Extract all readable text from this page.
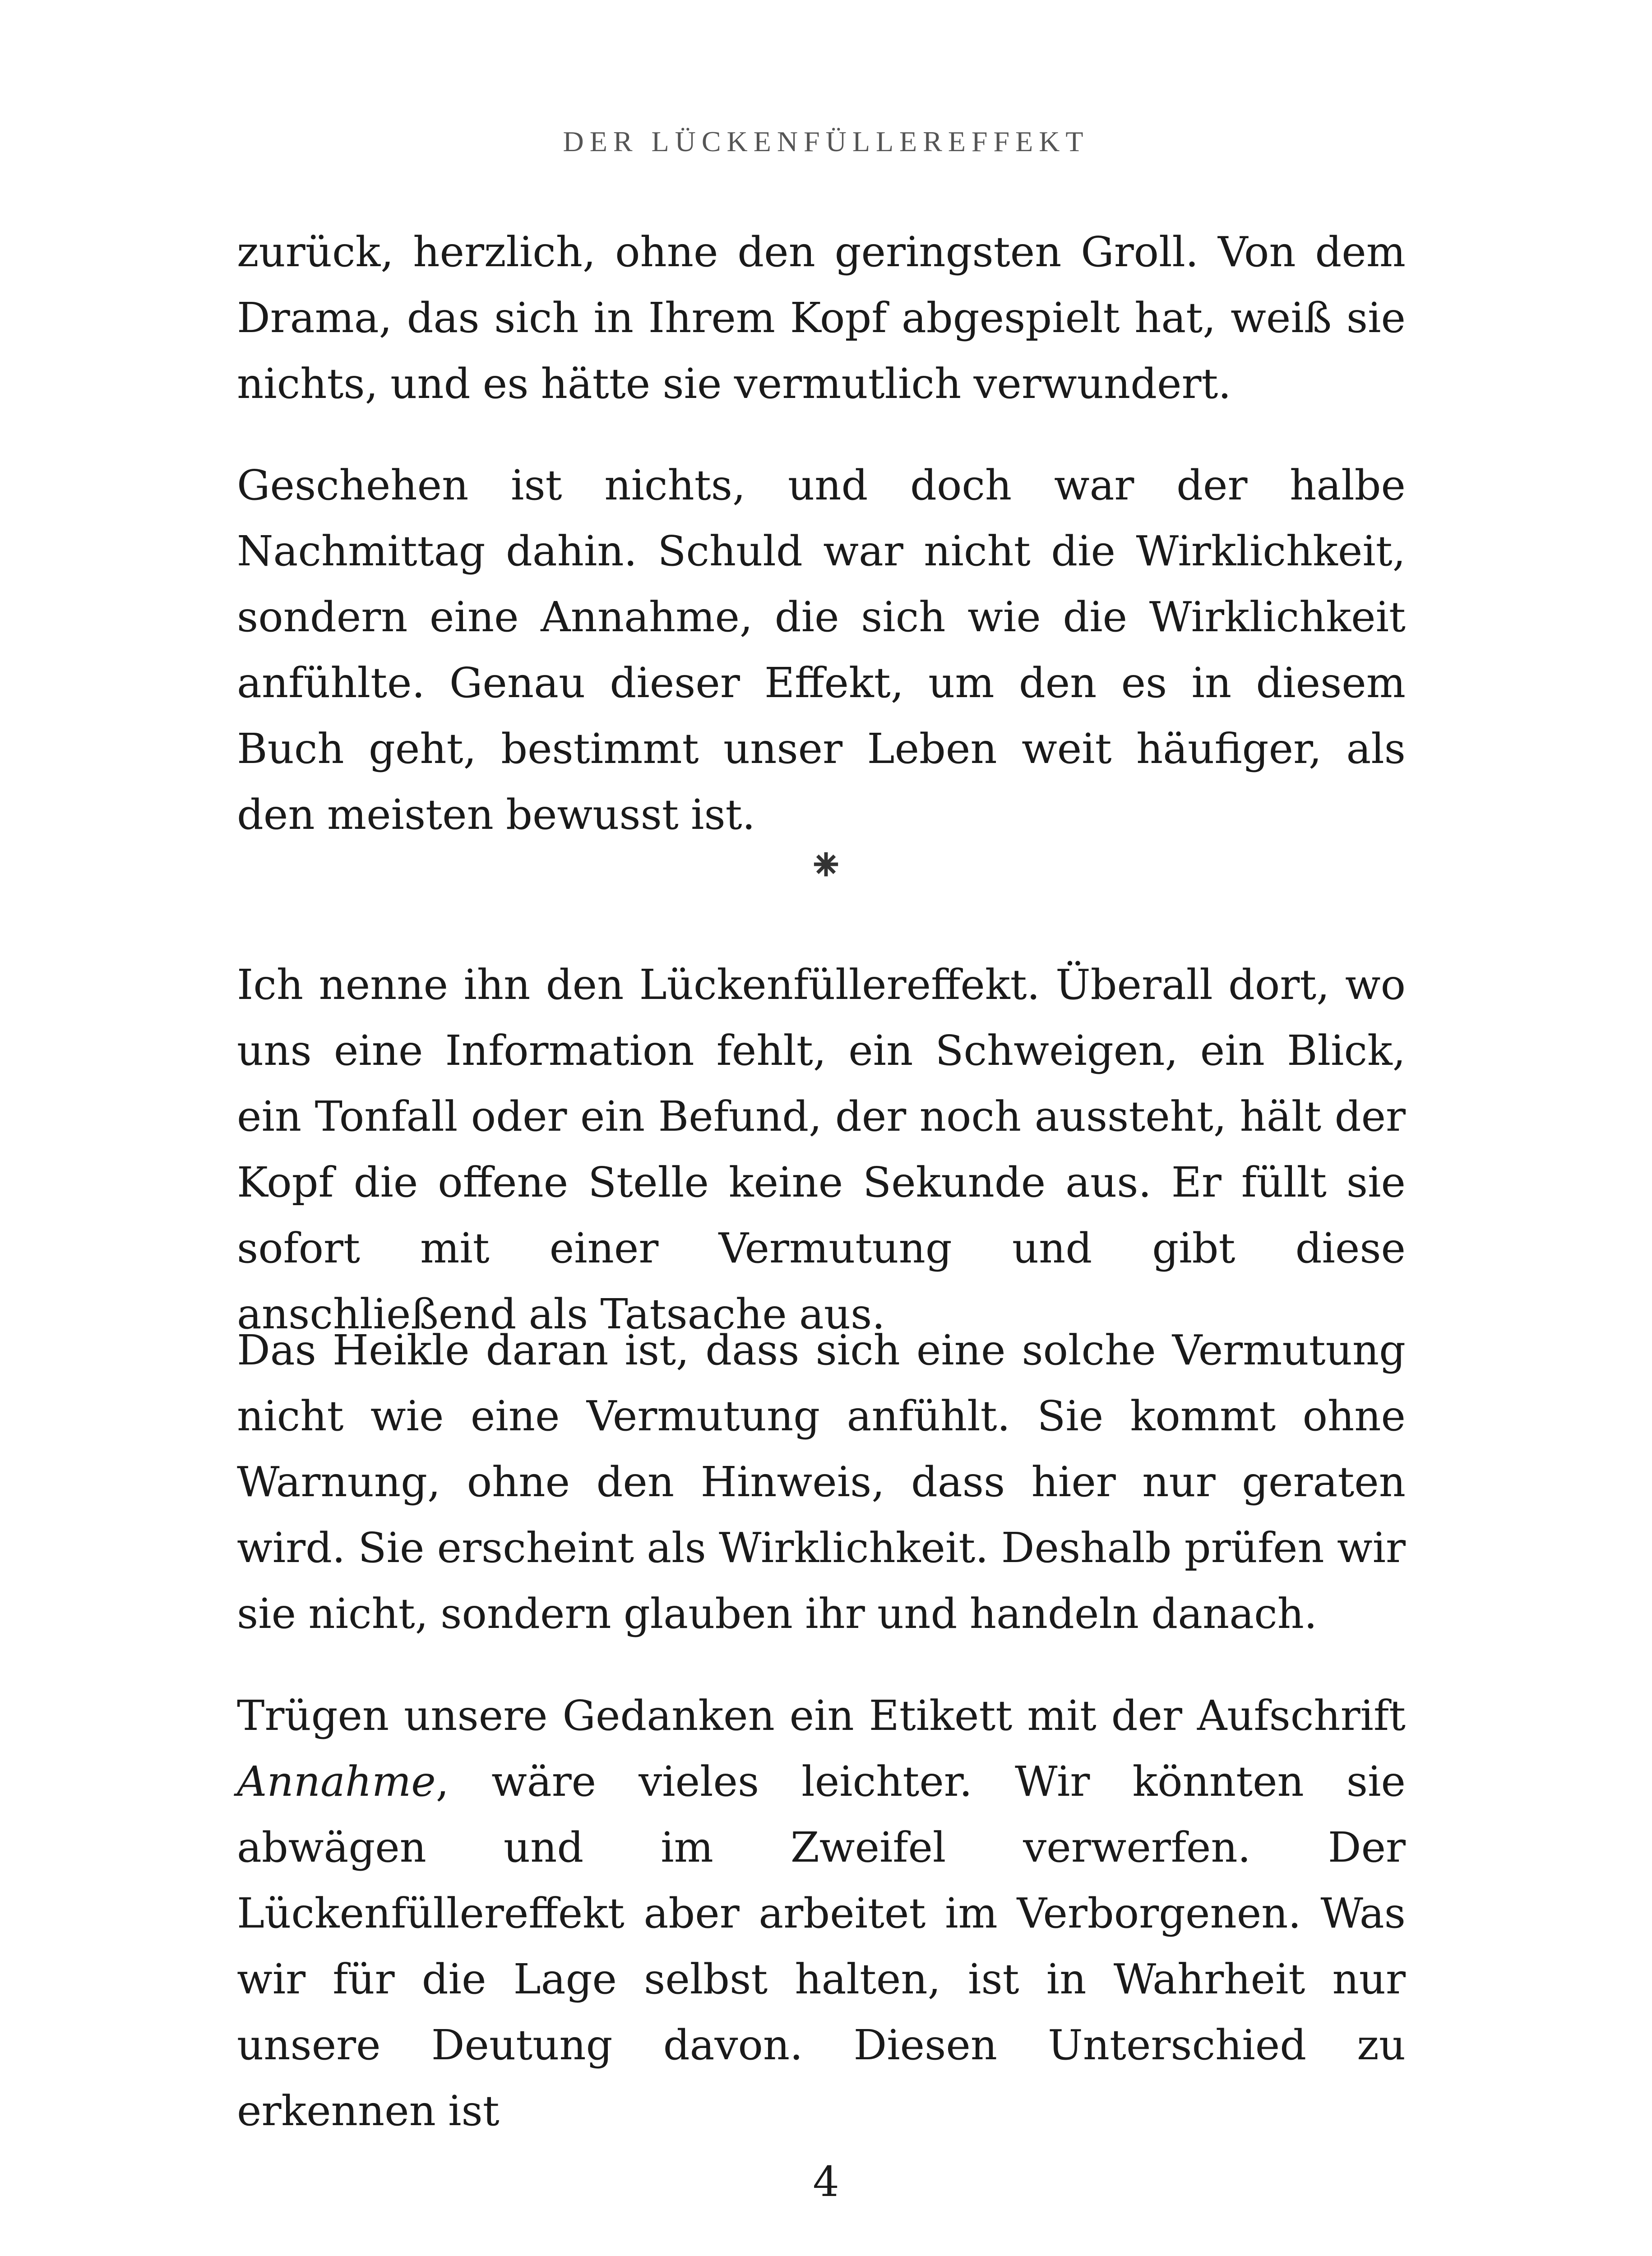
DER LÜCKENFÜLLEREFFEKT

zurück, herzlich, ohne den geringsten Groll. Von dem Drama, das sich in Ihrem Kopf abgespielt hat, weiß sie nichts, und es hätte sie vermutlich verwundert.

Geschehen ist nichts, und doch war der halbe Nachmittag dahin. Schuld war nicht die Wirklichkeit, sondern eine Annahme, die sich wie die Wirklichkeit anfühlte. Genau dieser Effekt, um den es in diesem Buch geht, bestimmt unser Leben weit häufiger, als den meisten bewusst ist.

⁕

Ich nenne ihn den Lückenfüllereffekt. Überall dort, wo uns eine Information fehlt, ein Schweigen, ein Blick, ein Tonfall oder ein Befund, der noch aussteht, hält der Kopf die offene Stelle keine Sekunde aus. Er füllt sie sofort mit einer Vermutung und gibt diese anschließend als Tatsache aus.

Das Heikle daran ist, dass sich eine solche Vermutung nicht wie eine Vermutung anfühlt. Sie kommt ohne Warnung, ohne den Hinweis, dass hier nur geraten wird. Sie erscheint als Wirklichkeit. Deshalb prüfen wir sie nicht, sondern glauben ihr und handeln danach.

Trügen unsere Gedanken ein Etikett mit der Aufschrift Annahme, wäre vieles leichter. Wir könnten sie abwägen und im Zweifel verwerfen. Der Lückenfüllereffekt aber arbeitet im Verborgenen. Was wir für die Lage selbst halten, ist in Wahrheit nur unsere Deutung davon. Diesen Unterschied zu erkennen ist

4
